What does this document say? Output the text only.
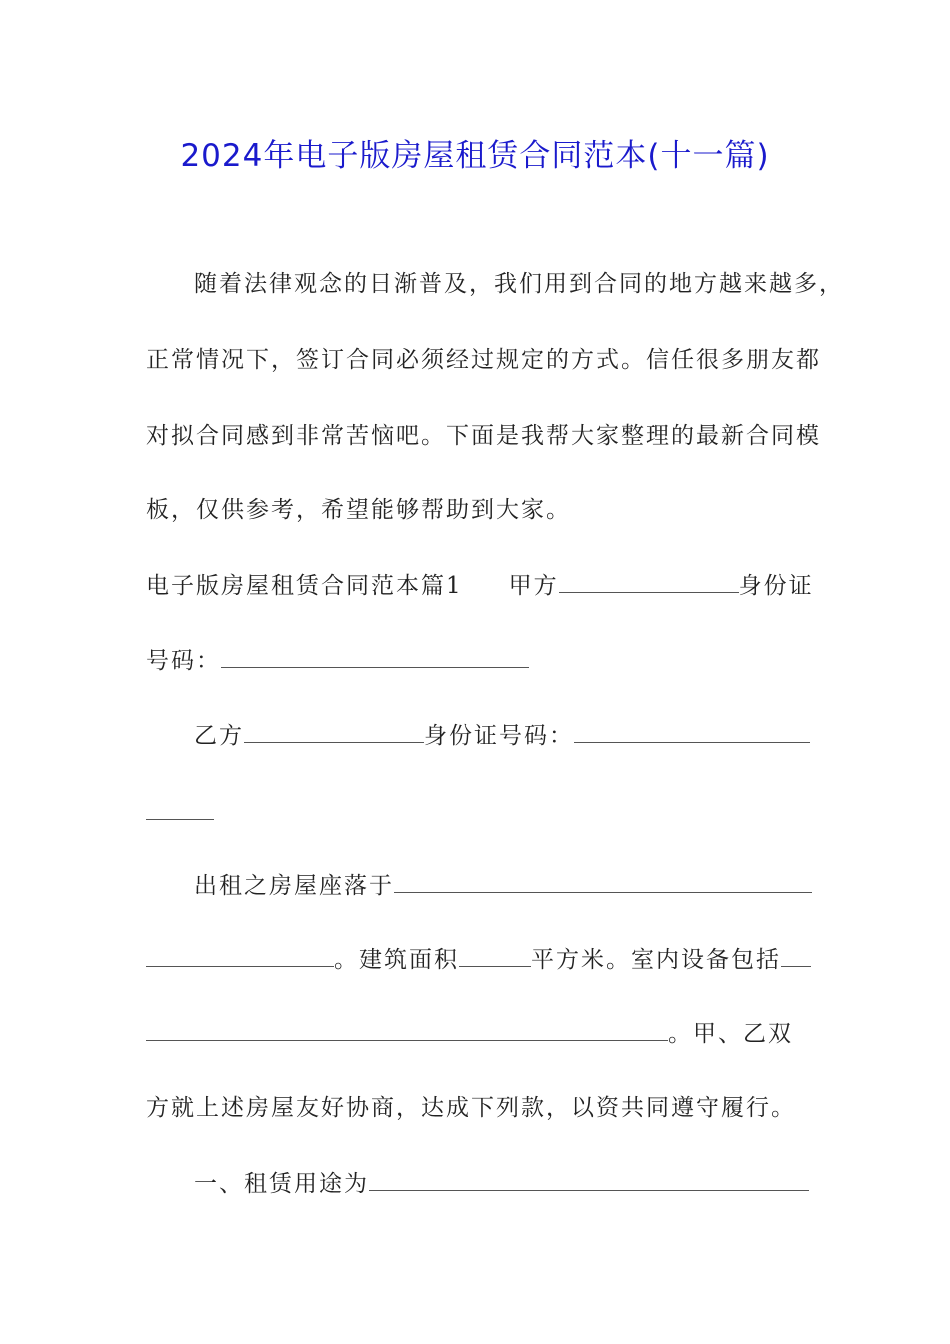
2024年电子版房屋租赁合同范本(十一篇)
随着法律观念的日渐普及，我们用到合同的地方越来越多，
正常情况下，签订合同必须经过规定的方式。信任很多朋友都
对拟合同感到非常苦恼吧。下面是我帮大家整理的最新合同模
板，仅供参考，希望能够帮助到大家。
电子版房屋租赁合同范本篇1 甲方	身份证
号码：
乙方	身份证号码：
出租之房屋座落于
。建筑面积	平方米。室内设备包括
。甲、乙双
方就上述房屋友好协商，达成下列款，以资共同遵守履行。
一、租赁用途为
